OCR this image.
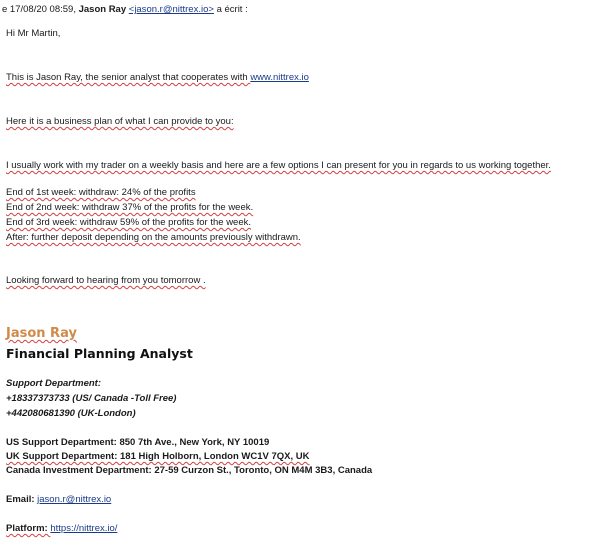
e 17/08/20 08:59, Jason Ray <jason.r@nittrex.io> a écrit :
Hi Mr Martin,
This is Jason Ray, the senior analyst that cooperates with www.nittrex.io
Here it is a business plan of what I can provide to you:
I usually work with my trader on a weekly basis and here are a few options I can present for you in regards to us working together.
End of 1st week: withdraw: 24% of the profits
End of 2nd week: withdraw 37% of the profits for the week.
End of 3rd week: withdraw 59% of the profits for the week.
After: further deposit depending on the amounts previously withdrawn.
Looking forward to hearing from you tomorrow .
Jason Ray
Financial Planning Analyst
Support Department:
+18337373733 (US/ Canada -Toll Free)
+442080681390 (UK-London)
US Support Department: 850 7th Ave., New York, NY 10019
UK Support Department: 181 High Holborn, London WC1V 7QX, UK
Canada Investment Department: 27-59 Curzon St., Toronto, ON M4M 3B3, Canada
Email: jason.r@nittrex.io
Platform: https://nittrex.io/
